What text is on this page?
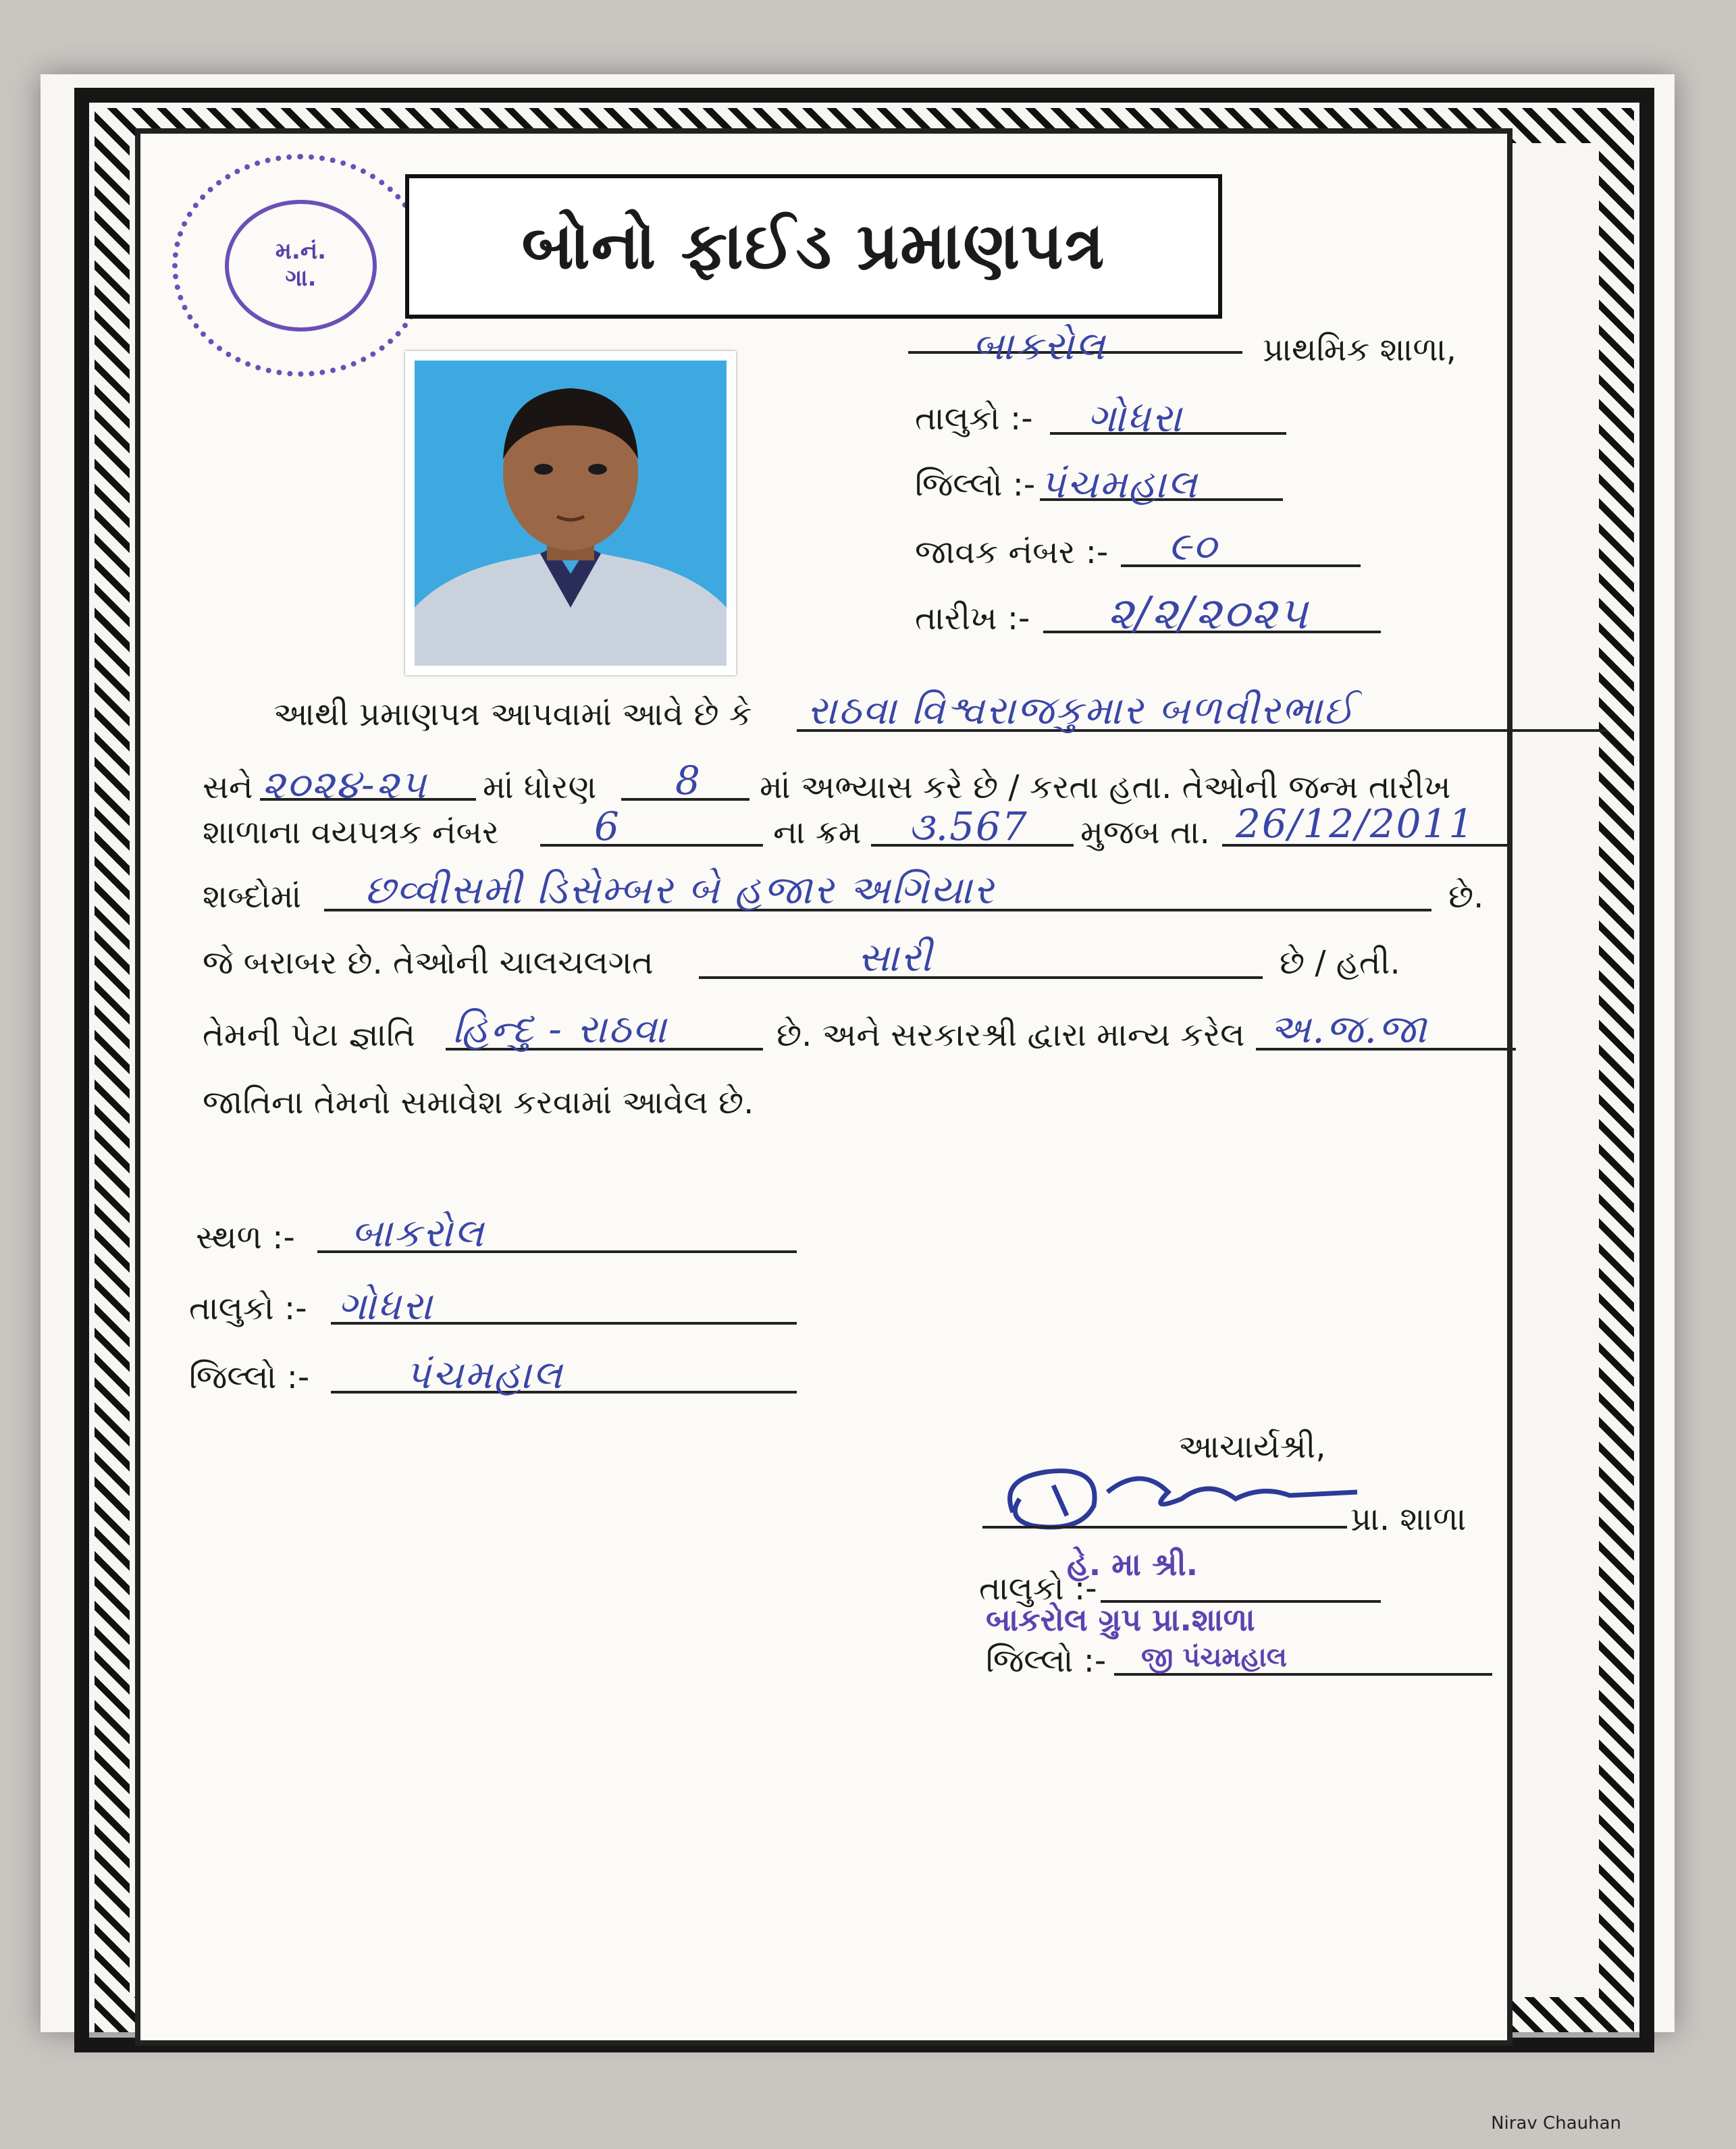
મ.નં.
ગા.	બોનો ફાઈડ પ્રમાણપત્ર
બાકરોલ	પ્રાથમિક શાળા,
તાલુકો :- ગોધરા
જિલ્લો :- પંચમહાલ
જાવક નંબર :- ૯૦
તારીખ :- ૨/૨/૨૦૨૫
આથી પ્રમાણપત્ર આપવામાં આવે છે કે રાઠવા વિશ્વરાજકુમાર બળવીરભાઈ
સને ૨૦૨૪-૨૫ માં ધોરણ 8 માં અભ્યાસ કરે છે / કરતા હતા. તેઓની જન્મ તારીખ
શાળાના વયપત્રક નંબર 6	ના ક્રમ ૩.567 મુજબ તા. 26/12/2011
શબ્દોમાં છવ્વીસમી ડિસેમ્બર બે હજાર અગિયાર	છે.
જે બરાબર છે. તેઓની ચાલચલગત	સારી	છે / હતી.
તેમની પેટા જ્ઞાતિ હિન્દુ - રાઠવા	છે. અને સરકારશ્રી દ્વારા માન્ય કરેલ અ.જ.જા
જાતિના તેમનો સમાવેશ કરવામાં આવેલ છે.
સ્થળ :- બાકરોલ
તાલુકો :- ગોધરા
જિલ્લો :- પંચમહાલ
આચાર્યશ્રી,
પ્રા. શાળા
હે. મા શ્રી.
તાલુકો :-
બાકરોલ ગ્રુપ પ્રા.શાળા
જિલ્લો :- જી પંચમહાલ
Nirav Chauhan
